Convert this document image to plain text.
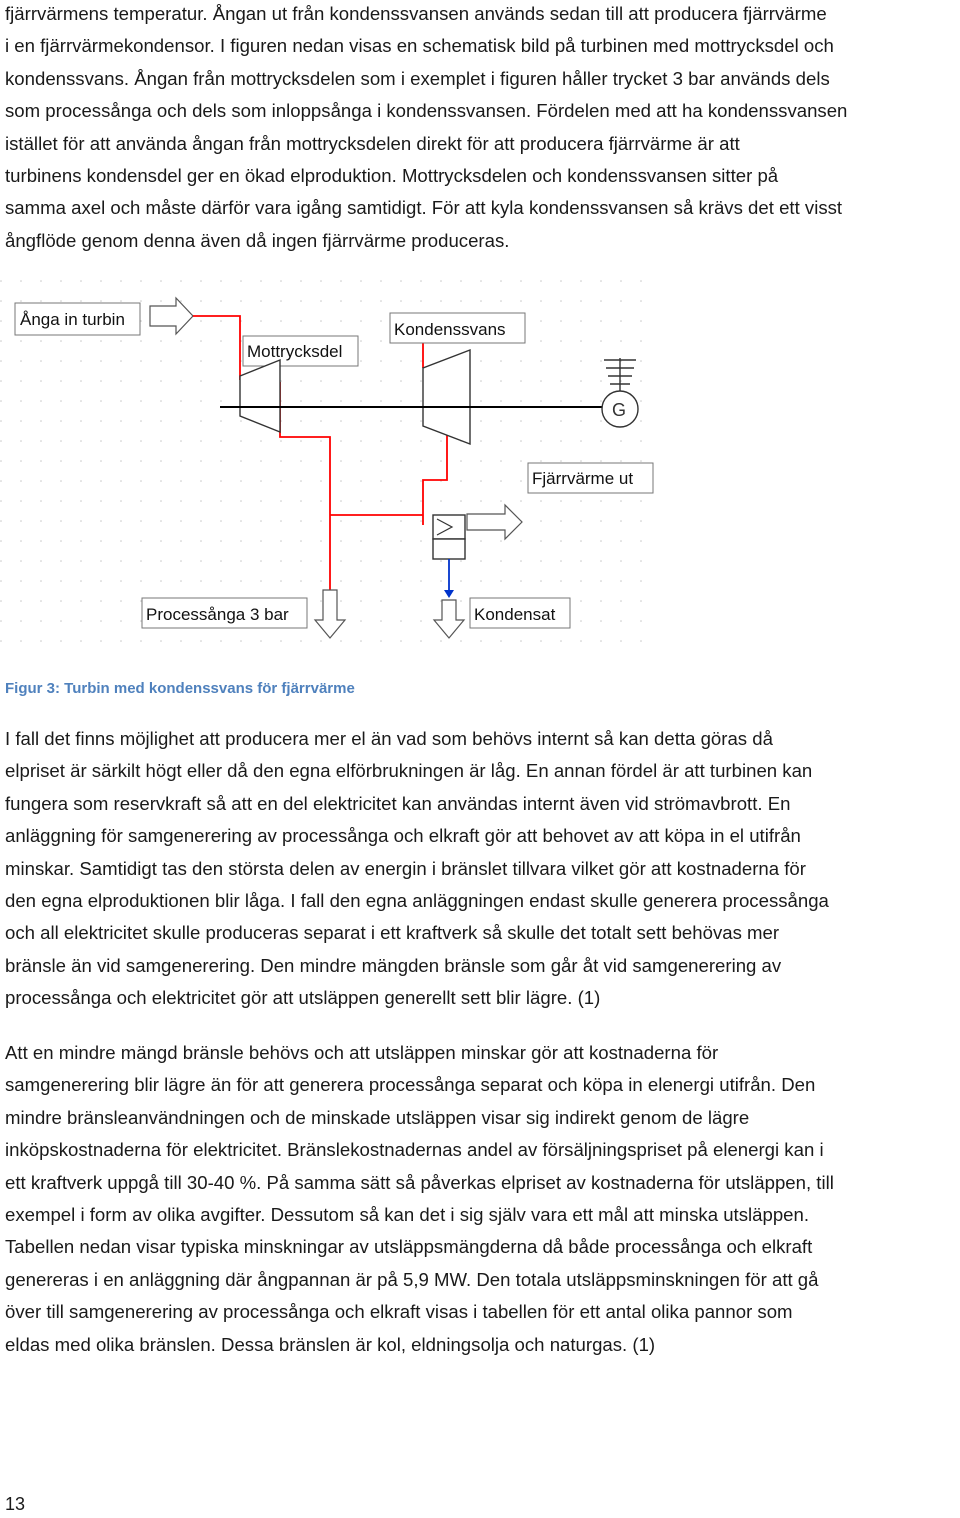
fjärrvärmens temperatur. Ångan ut från kondenssvansen används sedan till att producera fjärrvärme
i en fjärrvärmekondensor. I figuren nedan visas en schematisk bild på turbinen med mottrycksdel och
kondenssvans. Ångan från mottrycksdelen som i exemplet i figuren håller trycket 3 bar används dels
som processånga och dels som inloppsånga i kondenssvansen. Fördelen med att ha kondenssvansen
istället för att använda ångan från mottrycksdelen direkt för att producera fjärrvärme är att
turbinens kondensdel ger en ökad elproduktion. Mottrycksdelen och kondenssvansen sitter på
samma axel och måste därför vara igång samtidigt. För att kyla kondenssvansen så krävs det ett visst
ångflöde genom denna även då ingen fjärrvärme produceras.
Ånga in turbin
Mottrycksdel
Kondenssvans
G
Fjärrvärme ut
Processånga 3 bar	Kondensat

Figur 3: Turbin med kondenssvans för fjärrvärme

I fall det finns möjlighet att producera mer el än vad som behövs internt så kan detta göras då
elpriset är särkilt högt eller då den egna elförbrukningen är låg. En annan fördel är att turbinen kan
fungera som reservkraft så att en del elektricitet kan användas internt även vid strömavbrott. En
anläggning för samgenerering av processånga och elkraft gör att behovet av att köpa in el utifrån
minskar. Samtidigt tas den största delen av energin i bränslet tillvara vilket gör att kostnaderna för
den egna elproduktionen blir låga. I fall den egna anläggningen endast skulle generera processånga
och all elektricitet skulle produceras separat i ett kraftverk så skulle det totalt sett behövas mer
bränsle än vid samgenerering. Den mindre mängden bränsle som går åt vid samgenerering av
processånga och elektricitet gör att utsläppen generellt sett blir lägre. (1)
Att en mindre mängd bränsle behövs och att utsläppen minskar gör att kostnaderna för
samgenerering blir lägre än för att generera processånga separat och köpa in elenergi utifrån. Den
mindre bränsleanvändningen och de minskade utsläppen visar sig indirekt genom de lägre
inköpskostnaderna för elektricitet. Bränslekostnadernas andel av försäljningspriset på elenergi kan i
ett kraftverk uppgå till 30-40 %. På samma sätt så påverkas elpriset av kostnaderna för utsläppen, till
exempel i form av olika avgifter. Dessutom så kan det i sig själv vara ett mål att minska utsläppen.
Tabellen nedan visar typiska minskningar av utsläppsmängderna då både processånga och elkraft
genereras i en anläggning där ångpannan är på 5,9 MW. Den totala utsläppsminskningen för att gå
över till samgenerering av processånga och elkraft visas i tabellen för ett antal olika pannor som
eldas med olika bränslen. Dessa bränslen är kol, eldningsolja och naturgas. (1)

13
